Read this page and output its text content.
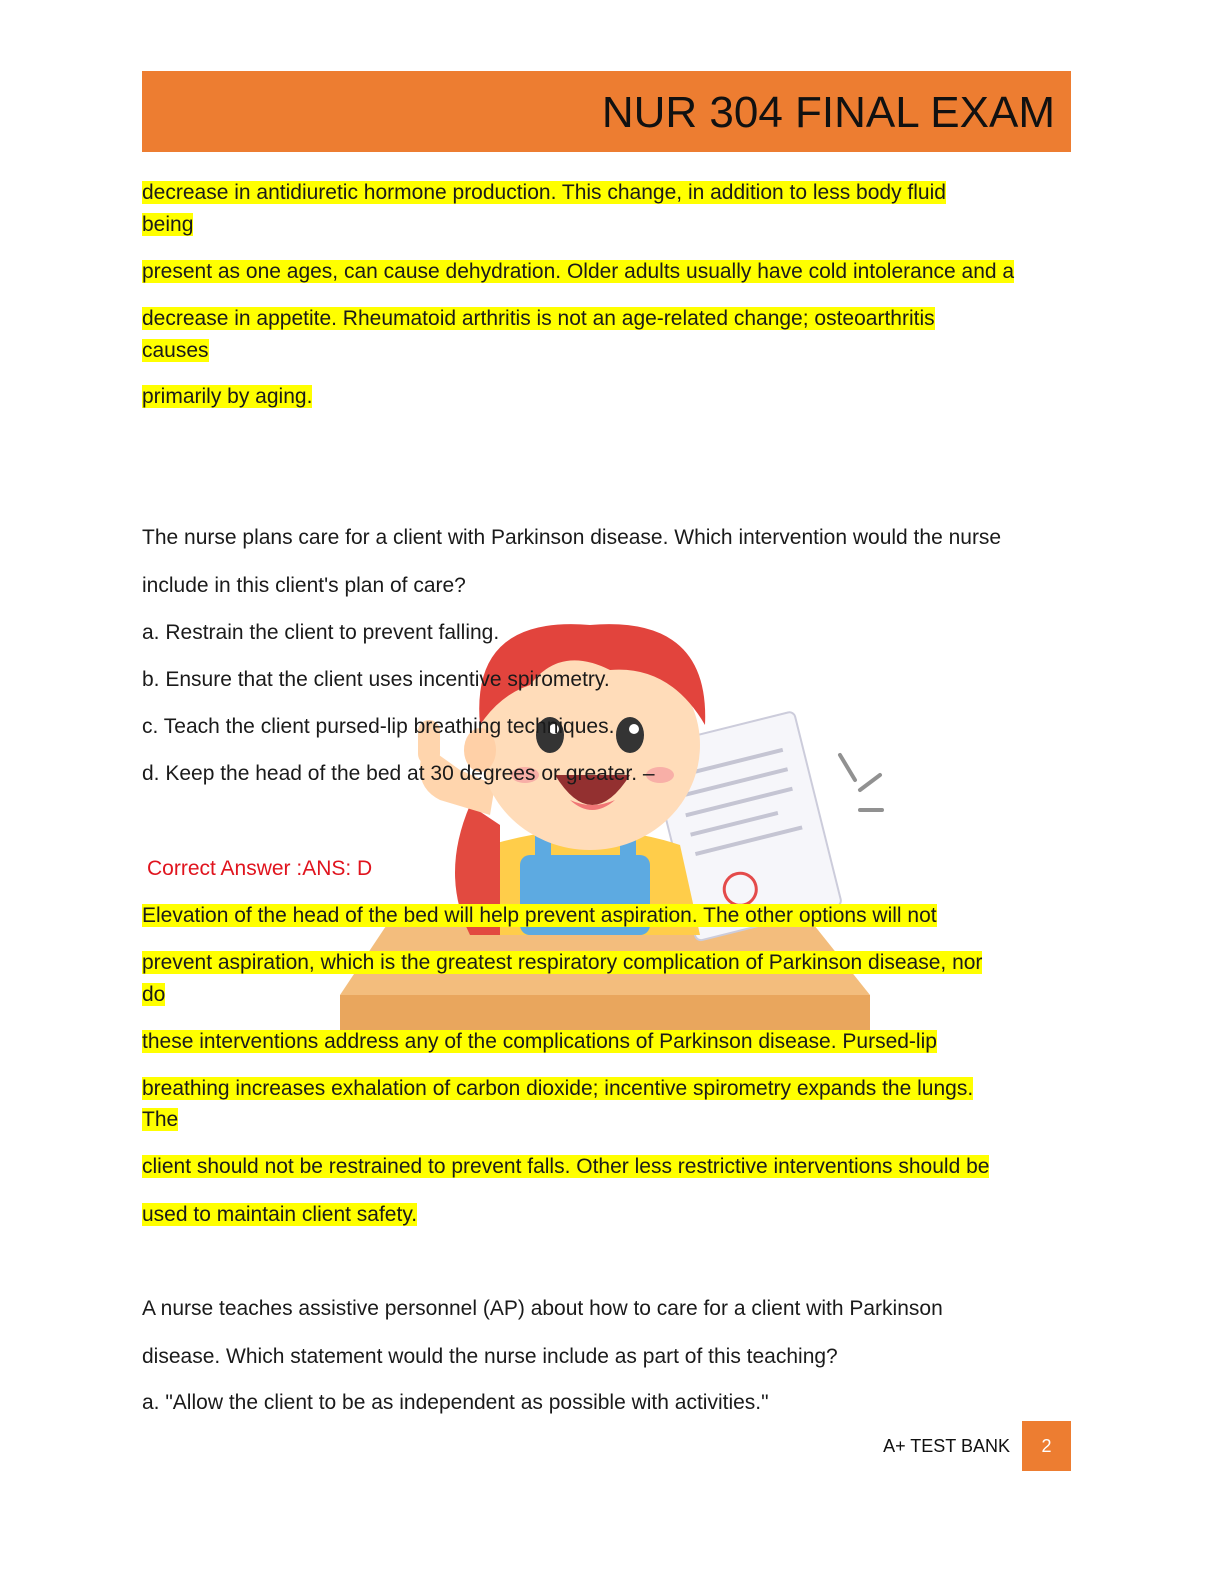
NUR 304 FINAL EXAM
decrease in antidiuretic hormone production. This change, in addition to less body fluid
being
present as one ages, can cause dehydration. Older adults usually have cold intolerance and a
decrease in appetite. Rheumatoid arthritis is not an age-related change; osteoarthritis
causes
primarily by aging.
The nurse plans care for a client with Parkinson disease. Which intervention would the nurse
include in this client's plan of care?
a. Restrain the client to prevent falling.
b. Ensure that the client uses incentive spirometry.
c. Teach the client pursed-lip breathing techniques.
d. Keep the head of the bed at 30 degrees or greater. –
Correct Answer :ANS: D
Elevation of the head of the bed will help prevent aspiration. The other options will not
prevent aspiration, which is the greatest respiratory complication of Parkinson disease, nor
do
these interventions address any of the complications of Parkinson disease. Pursed-lip
breathing increases exhalation of carbon dioxide; incentive spirometry expands the lungs.
The
client should not be restrained to prevent falls. Other less restrictive interventions should be
used to maintain client safety.
A nurse teaches assistive personnel (AP) about how to care for a client with Parkinson
disease. Which statement would the nurse include as part of this teaching?
a. "Allow the client to be as independent as possible with activities."
A+ TEST BANK	2
